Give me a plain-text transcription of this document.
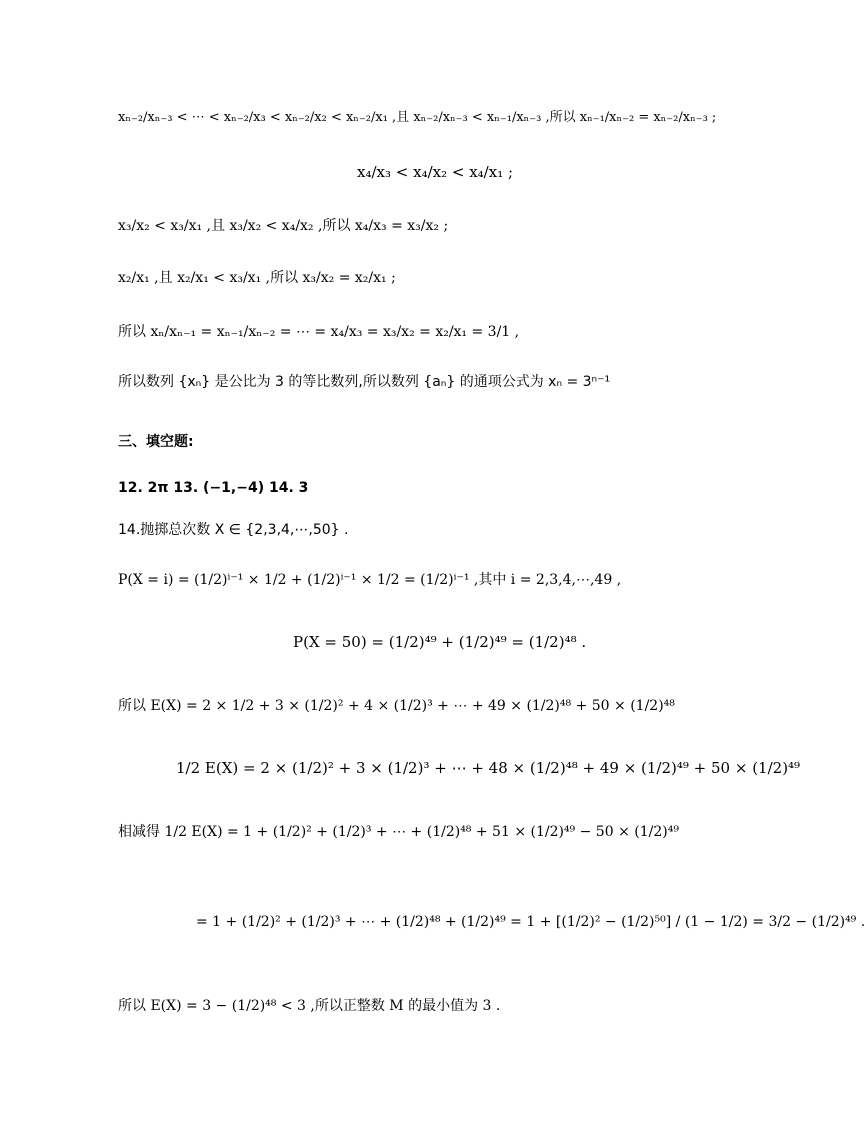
xₙ₋₂/xₙ₋₃ < ⋯ < xₙ₋₂/x₃ < xₙ₋₂/x₂ < xₙ₋₂/x₁ ,且 xₙ₋₂/xₙ₋₃ < xₙ₋₁/xₙ₋₃ ,所以 xₙ₋₁/xₙ₋₂ = xₙ₋₂/xₙ₋₃ ;
x₄/x₃ < x₄/x₂ < x₄/x₁ ;
x₃/x₂ < x₃/x₁ ,且 x₃/x₂ < x₄/x₂ ,所以 x₄/x₃ = x₃/x₂ ;
x₂/x₁ ,且 x₂/x₁ < x₃/x₁ ,所以 x₃/x₂ = x₂/x₁ ;
所以 xₙ/xₙ₋₁ = xₙ₋₁/xₙ₋₂ = ⋯ = x₄/x₃ = x₃/x₂ = x₂/x₁ = 3/1 ,
所以数列 {xₙ} 是公比为 3 的等比数列,所以数列 {aₙ} 的通项公式为 xₙ = 3ⁿ⁻¹
三、填空题:
12. 2π 13. (−1,−4) 14. 3
14.抛掷总次数 X ∈ {2,3,4,⋯,50} .
P(X = i) = (1/2)ⁱ⁻¹ × 1/2 + (1/2)ⁱ⁻¹ × 1/2 = (1/2)ⁱ⁻¹ ,其中 i = 2,3,4,⋯,49 ,
P(X = 50) = (1/2)⁴⁹ + (1/2)⁴⁹ = (1/2)⁴⁸ .
所以 E(X) = 2 × 1/2 + 3 × (1/2)² + 4 × (1/2)³ + ⋯ + 49 × (1/2)⁴⁸ + 50 × (1/2)⁴⁸
1/2 E(X) = 2 × (1/2)² + 3 × (1/2)³ + ⋯ + 48 × (1/2)⁴⁸ + 49 × (1/2)⁴⁹ + 50 × (1/2)⁴⁹
相减得 1/2 E(X) = 1 + (1/2)² + (1/2)³ + ⋯ + (1/2)⁴⁸ + 51 × (1/2)⁴⁹ − 50 × (1/2)⁴⁹
= 1 + (1/2)² + (1/2)³ + ⋯ + (1/2)⁴⁸ + (1/2)⁴⁹ = 1 + [(1/2)² − (1/2)⁵⁰] / (1 − 1/2) = 3/2 − (1/2)⁴⁹ .
所以 E(X) = 3 − (1/2)⁴⁸ < 3 ,所以正整数 M 的最小值为 3 .
